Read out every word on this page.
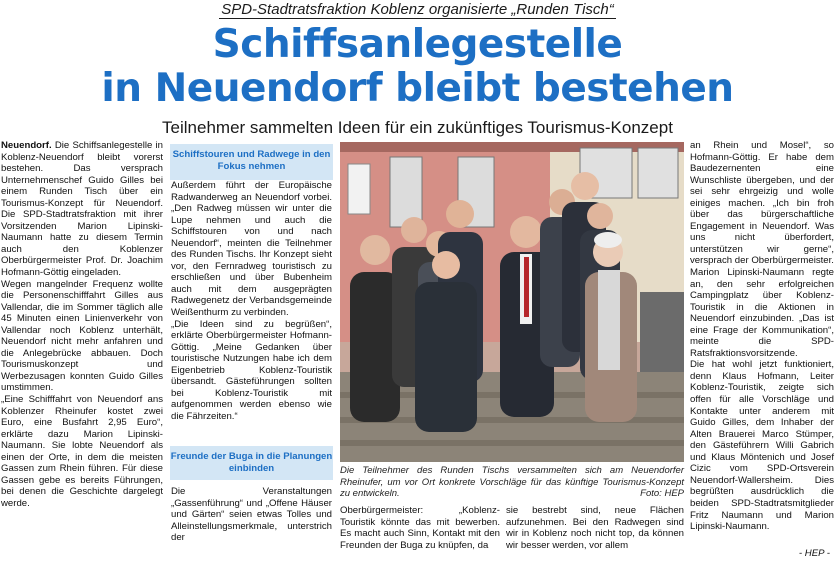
SPD-Stadtratsfraktion Koblenz organisierte „Runden Tisch“
Schiffsanlegestelle
in Neuendorf bleibt bestehen
Teilnehmer sammelten Ideen für ein zukünftiges Tourismus-Konzept

Neuendorf. Die Schiffsanlegestelle in Koblenz-Neuendorf bleibt vorerst bestehen. Das versprach Unternehmenschef Guido Gilles bei einem Runden Tisch über ein Tourismus-Konzept für Neuendorf. Die SPD-Stadtratsfraktion mit ihrer Vorsitzenden Marion Lipinski-Naumann hatte zu diesem Termin auch den Koblenzer Oberbürgermeister Prof. Dr. Joachim Hofmann-Göttig eingeladen.

Wegen mangelnder Frequenz wollte die Personenschifffahrt Gilles aus Vallendar, die im Sommer täglich alle 45 Minuten einen Linienverkehr von Vallendar noch Koblenz unterhält, Neuendorf nicht mehr anfahren und die Anlegebrücke abbauen. Doch Tourismuskonzept und Werbezusagen konnten Guido Gilles umstimmen.

„Eine Schifffahrt von Neuendorf ans Koblenzer Rheinufer kostet zwei Euro, eine Busfahrt 2,95 Euro“, erklärte dazu Marion Lipinski-Naumann. Sie lobte Neuendorf als einen der Orte, in dem die meisten Gassen zum Rhein führen. Für diese Gassen gebe es bereits Führungen, bei denen die Geschichte dargelegt werde.

Schiffstouren und Radwege in den Fokus nehmen

Außerdem führt der Europäische Radwanderweg an Neuendorf vorbei. „Den Radweg müssen wir unter die Lupe nehmen und auch die Schiffstouren von und nach Neuendorf“, meinten die Teilnehmer des Runden Tischs. Ihr Konzept sieht vor, den Fernradweg touristisch zu erschließen und über Bubenheim auch mit dem ausgeprägten Radwegenetz der Verbandsgemeinde Weißenthurm zu verbinden.

„Die Ideen sind zu begrüßen“, erklärte Oberbürgermeister Hofmann-Göttig. „Meine Gedanken über touristische Nutzungen habe ich dem Eigenbetrieb Koblenz-Touristik übersandt. Gästeführungen sollten bei Koblenz-Touristik mit aufgenommen werden ebenso wie die Fährzeiten.“

Freunde der Buga in die Planungen einbinden

Die Veranstaltungen „Gassenführung“ und „Offene Häuser und Gärten“ seien etwas Tolles und Alleinstellungsmerkmale, unterstrich der

Die Teilnehmer des Runden Tischs versammelten sich am Neuendorfer Rheinufer, um vor Ort konkrete Vorschläge für das künftige Tourismus-Konzept zu entwickeln.	Foto: HEP

Oberbürgermeister: „Koblenz-Touristik könnte das mit bewerben. Es macht auch Sinn, Kontakt mit den Freunden der Buga zu knüpfen, da

sie bestrebt sind, neue Flächen aufzunehmen. Bei den Radwegen sind wir in Koblenz noch nicht top, da können wir besser werden, vor allem

an Rhein und Mosel“, so Hofmann-Göttig. Er habe dem Baudezernenten eine Wunschliste übergeben, und der sei sehr ehrgeizig und wolle einiges machen. „Ich bin froh über das bürgerschaftliche Engagement in Neuendorf. Was uns nicht überfordert, unterstützen wir gerne“, versprach der Oberbürgermeister.

Marion Lipinski-Naumann regte an, den sehr erfolgreichen Campingplatz über Koblenz-Touristik in die Aktionen in Neuendorf einzubinden. „Das ist eine Frage der Kommunikation“, meinte die SPD-Ratsfraktionsvorsitzende.

Die hat wohl jetzt funktioniert, denn Klaus Hofmann, Leiter Koblenz-Touristik, zeigte sich offen für alle Vorschläge und Kontakte unter anderem mit Guido Gilles, dem Inhaber der Alten Brauerei Marco Stümper, den Gästeführern Willi Gabrich und Klaus Möntenich und Josef Cizic vom SPD-Ortsverein Neuendorf-Wallersheim. Dies begrüßten ausdrücklich die beiden SPD-Stadtratsmitglieder Fritz Naumann und Marion Lipinski-Naumann.

- HEP -
